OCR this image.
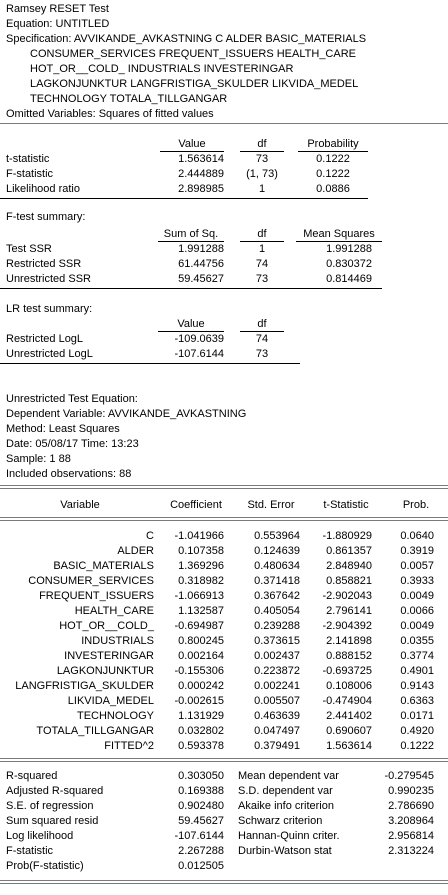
Ramsey RESET Test
Equation: UNTITLED
Specification: AVVIKANDE_AVKASTNING C ALDER BASIC_MATERIALS
CONSUMER_SERVICES FREQUENT_ISSUERS HEALTH_CARE
HOT_OR__COLD_ INDUSTRIALS INVESTERINGAR
LAGKONJUNKTUR LANGFRISTIGA_SKULDER LIKVIDA_MEDEL
TECHNOLOGY TOTALA_TILLGANGAR
Omitted Variables: Squares of fitted values
Value	df	Probability
t-statistic	1.563614	73	0.1222
F-statistic	2.444889	(1, 73)	0.1222
Likelihood ratio	2.898985	1	0.0886
F-test summary:
Sum of Sq.	df	Mean Squares
Test SSR	1.991288	1	1.991288
Restricted SSR	61.44756	74	0.830372
Unrestricted SSR	59.45627	73	0.814469
LR test summary:
Value	df
Restricted LogL	-109.0639	74
Unrestricted LogL	-107.6144	73
Unrestricted Test Equation:
Dependent Variable: AVVIKANDE_AVKASTNING
Method: Least Squares
Date: 05/08/17 Time: 13:23
Sample: 1 88
Included observations: 88
Variable	Coefficient	Std. Error	t-Statistic	Prob.
C	-1.041966	0.553964	-1.880929	0.0640
ALDER	0.107358	0.124639	0.861357	0.3919
BASIC_MATERIALS	1.369296	0.480634	2.848940	0.0057
CONSUMER_SERVICES	0.318982	0.371418	0.858821	0.3933
FREQUENT_ISSUERS	-1.066913	0.367642	-2.902043	0.0049
HEALTH_CARE	1.132587	0.405054	2.796141	0.0066
HOT_OR__COLD_	-0.694987	0.239288	-2.904392	0.0049
INDUSTRIALS	0.800245	0.373615	2.141898	0.0355
INVESTERINGAR	0.002164	0.002437	0.888152	0.3774
LAGKONJUNKTUR	-0.155306	0.223872	-0.693725	0.4901
LANGFRISTIGA_SKULDER	0.000242	0.002241	0.108006	0.9143
LIKVIDA_MEDEL	-0.002615	0.005507	-0.474904	0.6363
TECHNOLOGY	1.131929	0.463639	2.441402	0.0171
TOTALA_TILLGANGAR	0.032802	0.047497	0.690607	0.4920
FITTED^2	0.593378	0.379491	1.563614	0.1222
R-squared	0.303050 Mean dependent var	-0.279545
Adjusted R-squared	0.169388 S.D. dependent var	0.990235
S.E. of regression	0.902480 Akaike info criterion	2.786690
Sum squared resid	59.45627 Schwarz criterion	3.208964
Log likelihood	-107.6144 Hannan-Quinn criter.	2.956814
F-statistic	2.267288 Durbin-Watson stat	2.313224
Prob(F-statistic)	0.012505
